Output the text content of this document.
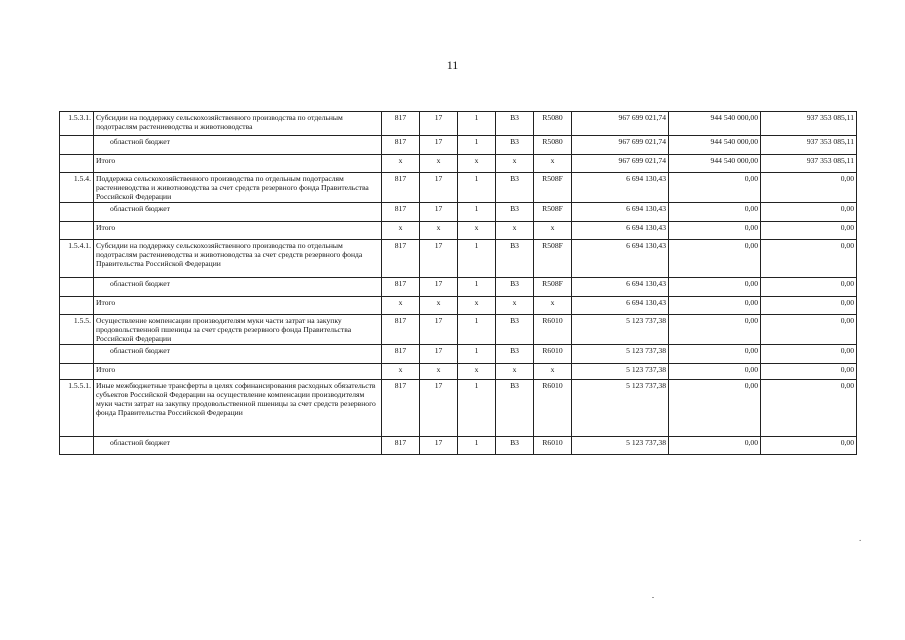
11
1.5.3.1.	Субсидии на поддержку сельскохозяйственного производства по отдельным подотраслям растениеводства и животноводства	817	17	1	В3	R5080	967 699 021,74	944 540 000,00	937 353 085,11
	областной бюджет	817	17	1	В3	R5080	967 699 021,74	944 540 000,00	937 353 085,11
	Итого	x	x	x	x	x	967 699 021,74	944 540 000,00	937 353 085,11
1.5.4.	Поддержка сельскохозяйственного производства по отдельным подотраслям растениеводства и животноводства за счет средств резервного фонда Правительства Российской Федерации	817	17	1	В3	R508F	6 694 130,43	0,00	0,00
	областной бюджет	817	17	1	В3	R508F	6 694 130,43	0,00	0,00
	Итого	x	x	x	x	x	6 694 130,43	0,00	0,00
1.5.4.1.	Субсидии на поддержку сельскохозяйственного производства по отдельным подотраслям растениеводства и животноводства за счет средств резервного фонда Правительства Российской Федерации	817	17	1	В3	R508F	6 694 130,43	0,00	0,00
	областной бюджет	817	17	1	В3	R508F	6 694 130,43	0,00	0,00
	Итого	x	x	x	x	x	6 694 130,43	0,00	0,00
1.5.5.	Осуществление компенсации производителям муки части затрат на закупку продовольственной пшеницы за счет средств резервного фонда Правительства Российской Федерации	817	17	1	В3	R6010	5 123 737,38	0,00	0,00
	областной бюджет	817	17	1	В3	R6010	5 123 737,38	0,00	0,00
	Итого	x	x	x	x	x	5 123 737,38	0,00	0,00
1.5.5.1.	Иные межбюджетные трансферты в целях софинансирования расходных обязательств субъектов Российской Федерации на осуществление компенсации производителям муки части затрат на закупку продовольственной пшеницы за счет средств резервного фонда Правительства Российской Федерации	817	17	1	В3	R6010	5 123 737,38	0,00	0,00
	областной бюджет	817	17	1	В3	R6010	5 123 737,38	0,00	0,00
.
